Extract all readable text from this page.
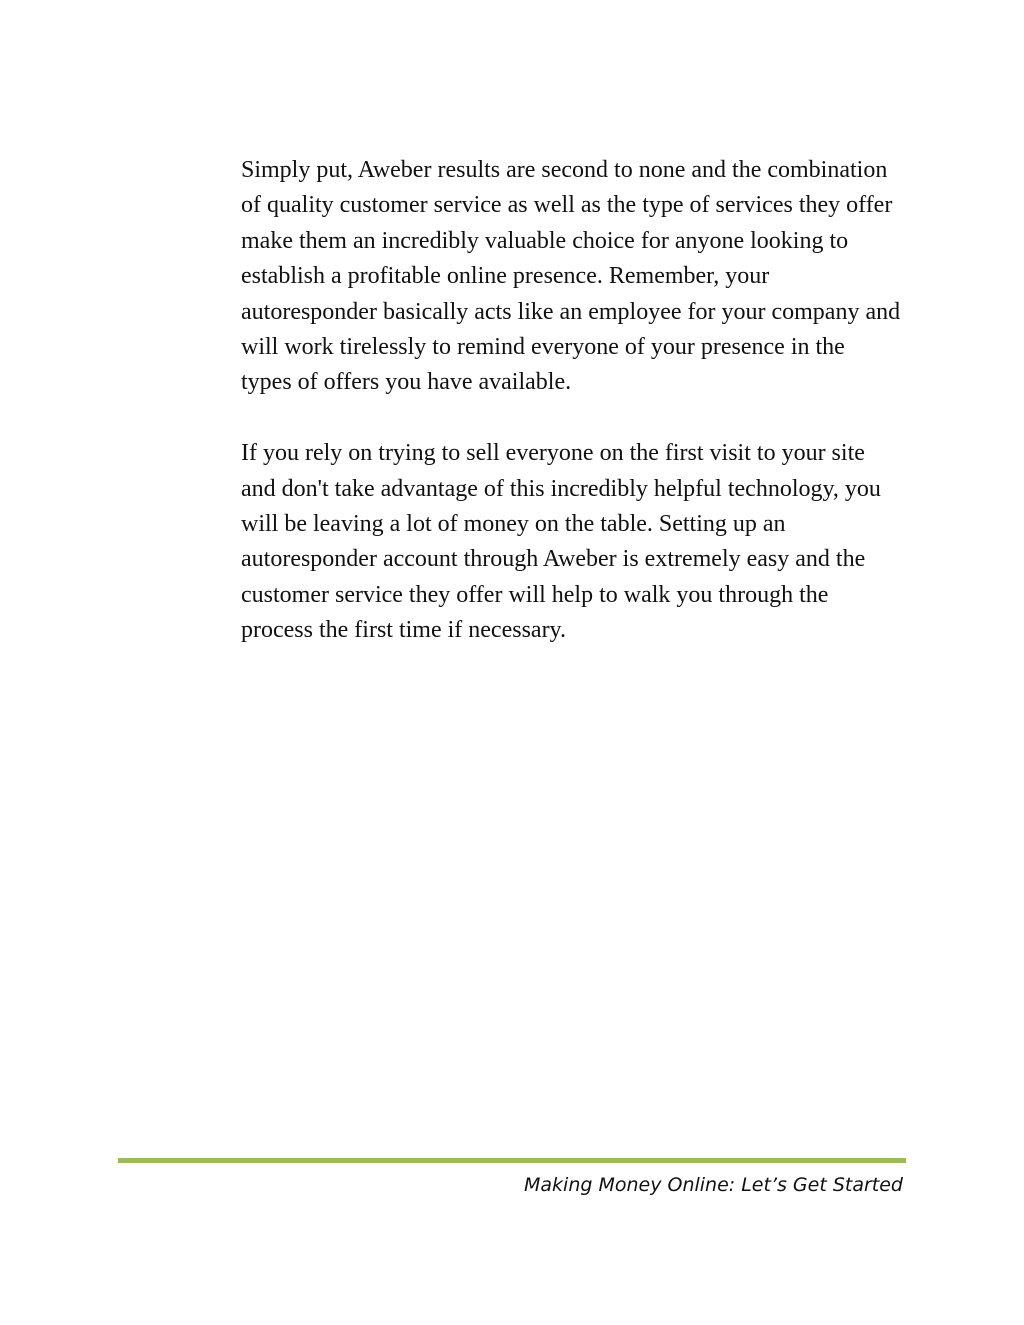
Simply put, Aweber results are second to none and the combination of quality customer service as well as the type of services they offer make them an incredibly valuable choice for anyone looking to establish a profitable online presence. Remember, your autoresponder basically acts like an employee for your company and will work tirelessly to remind everyone of your presence in the types of offers you have available.

If you rely on trying to sell everyone on the first visit to your site and don't take advantage of this incredibly helpful technology, you will be leaving a lot of money on the table. Setting up an autoresponder account through Aweber is extremely easy and the customer service they offer will help to walk you through the process the first time if necessary.

Making Money Online: Let’s Get Started
